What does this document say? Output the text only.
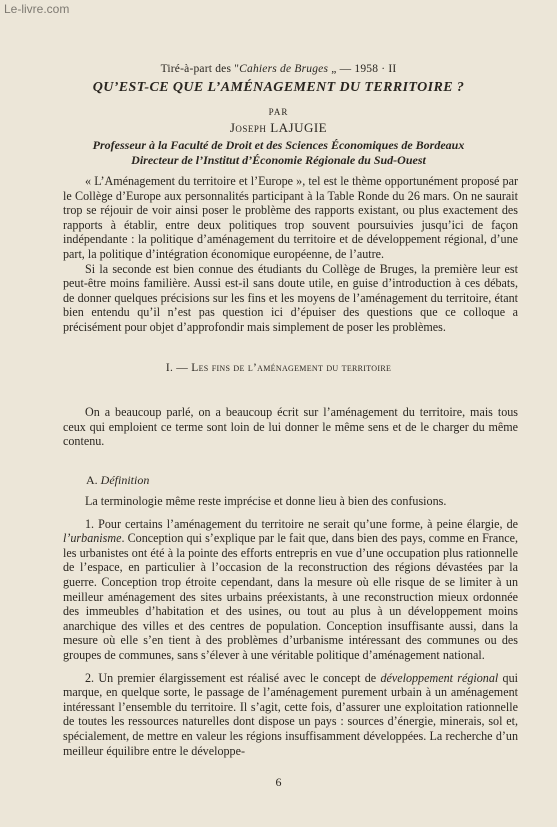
Le-livre.com
Tiré-à-part des "Cahiers de Bruges „ — 1958 · II
QU’EST-CE QUE L’AMÉNAGEMENT DU TERRITOIRE ?
PAR
Joseph LAJUGIE
Professeur à la Faculté de Droit et des Sciences Économiques de Bordeaux
Directeur de l’Institut d’Économie Régionale du Sud-Ouest

« L’Aménagement du territoire et l’Europe », tel est le thème opportunément proposé par le Collège d’Europe aux personnalités participant à la Table Ronde du 26 mars. On ne saurait trop se réjouir de voir ainsi poser le problème des rapports existant, ou plus exactement des rapports à établir, entre deux politiques trop souvent poursuivies jusqu’ici de façon indépendante : la politique d’aménagement du territoire et de développement régional, d’une part, la politique d’intégration économique européenne, de l’autre.

Si la seconde est bien connue des étudiants du Collège de Bruges, la première leur est peut-être moins familière. Aussi est-il sans doute utile, en guise d’introduction à ces débats, de donner quelques précisions sur les fins et les moyens de l’aménagement du territoire, étant bien entendu qu’il n’est pas question ici d’épuiser des questions que ce colloque a précisément pour objet d’approfondir mais simplement de poser les problèmes.

I. — Les fins de l’aménagement du territoire

On a beaucoup parlé, on a beaucoup écrit sur l’aménagement du territoire, mais tous ceux qui emploient ce terme sont loin de lui donner le même sens et de le charger du même contenu.

A. Définition

La terminologie même reste imprécise et donne lieu à bien des confusions.

1. Pour certains l’aménagement du territoire ne serait qu’une forme, à peine élargie, de l’urbanisme. Conception qui s’explique par le fait que, dans bien des pays, comme en France, les urbanistes ont été à la pointe des efforts entrepris en vue d’une occupation plus rationnelle de l’espace, en particulier à l’occasion de la reconstruction des régions dévastées par la guerre. Conception trop étroite cependant, dans la mesure où elle risque de se limiter à un meilleur aménagement des sites urbains préexistants, à une reconstruction mieux ordonnée des immeubles d’habitation et des usines, ou tout au plus à un développement moins anarchique des villes et des centres de population. Conception insuffisante aussi, dans la mesure où elle s’en tient à des problèmes d’urbanisme intéressant des communes ou des groupes de communes, sans s’élever à une véritable politique d’aménagement national.

2. Un premier élargissement est réalisé avec le concept de développement régional qui marque, en quelque sorte, le passage de l’aménagement purement urbain à un aménagement intéressant l’ensemble du territoire. Il s’agit, cette fois, d’assurer une exploitation rationnelle de toutes les ressources naturelles dont dispose un pays : sources d’énergie, minerais, sol et, spécialement, de mettre en valeur les régions insuffisamment développées. La recherche d’un meilleur équilibre entre le développe-

6
